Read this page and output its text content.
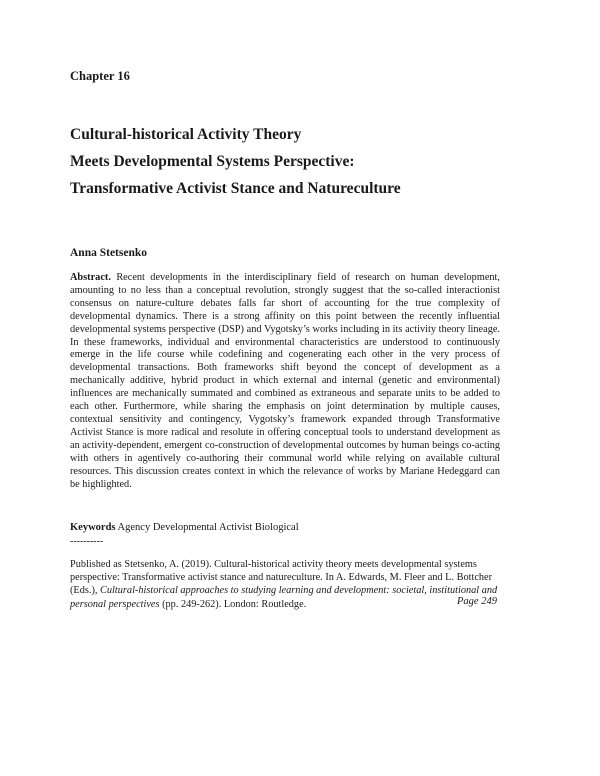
Chapter 16
Cultural-historical Activity Theory
Meets Developmental Systems Perspective:
Transformative Activist Stance and Natureculture
Anna Stetsenko

Abstract. Recent developments in the interdisciplinary field of research on human development, amounting to no less than a conceptual revolution, strongly suggest that the so-called interactionist consensus on nature-culture debates falls far short of accounting for the true complexity of developmental dynamics. There is a strong affinity on this point between the recently influential developmental systems perspective (DSP) and Vygotsky’s works including in its activity theory lineage. In these frameworks, individual and environmental characteristics are understood to continuously emerge in the life course while codefining and cogenerating each other in the very process of developmental transactions. Both frameworks shift beyond the concept of development as a mechanically additive, hybrid product in which external and internal (genetic and environmental) influences are mechanically summated and combined as extraneous and separate units to be added to each other. Furthermore, while sharing the emphasis on joint determination by multiple causes, contextual sensitivity and contingency, Vygotsky’s framework expanded through Transformative Activist Stance is more radical and resolute in offering conceptual tools to understand development as an activity-dependent, emergent co-construction of developmental outcomes by human beings co-acting with others in agentively co-authoring their communal world while relying on available cultural resources. This discussion creates context in which the relevance of works by Mariane Hedeggard can be highlighted.

Keywords Agency Developmental Activist Biological
----------

Published as Stetsenko, A. (2019). Cultural-historical activity theory meets developmental systems perspective: Transformative activist stance and natureculture. In A. Edwards, M. Fleer and L. Bottcher (Eds.), Cultural-historical approaches to studying learning and development: societal, institutional and personal perspectives (pp. 249-262). London: Routledge.	Page 249
